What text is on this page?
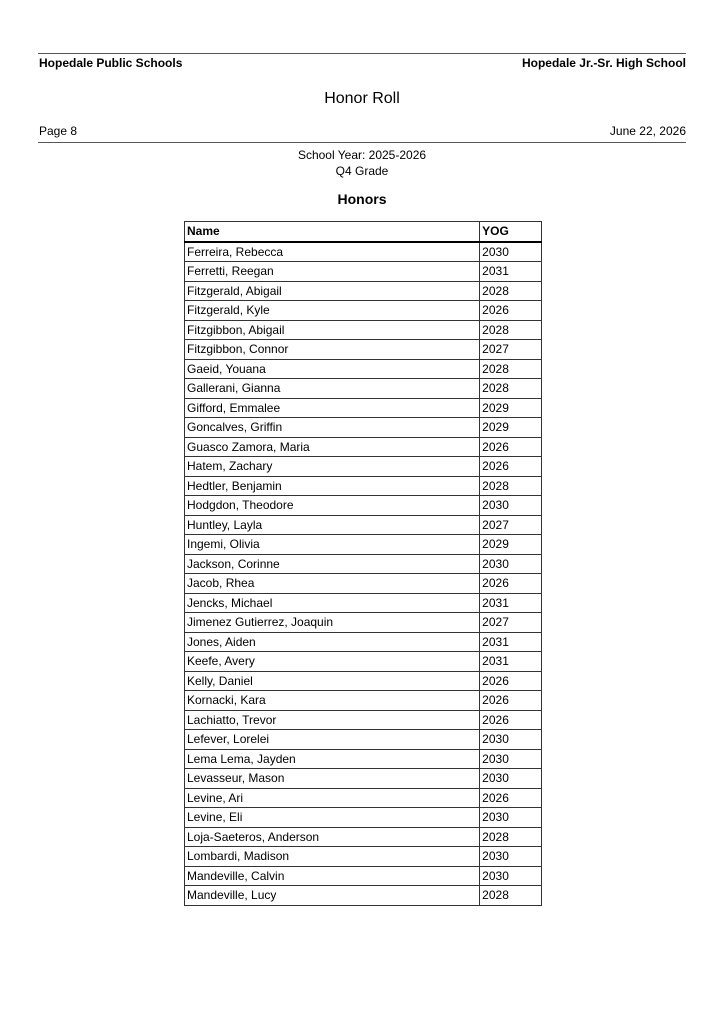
Hopedale Public Schools	Hopedale Jr.-Sr. High School
Honor Roll
Page 8	June 22, 2026
School Year: 2025-2026
Q4 Grade
Honors
Name	YOG
Ferreira, Rebecca	2030
Ferretti, Reegan	2031
Fitzgerald, Abigail	2028
Fitzgerald, Kyle	2026
Fitzgibbon, Abigail	2028
Fitzgibbon, Connor	2027
Gaeid, Youana	2028
Gallerani, Gianna	2028
Gifford, Emmalee	2029
Goncalves, Griffin	2029
Guasco Zamora, Maria	2026
Hatem, Zachary	2026
Hedtler, Benjamin	2028
Hodgdon, Theodore	2030
Huntley, Layla	2027
Ingemi, Olivia	2029
Jackson, Corinne	2030
Jacob, Rhea	2026
Jencks, Michael	2031
Jimenez Gutierrez, Joaquin	2027
Jones, Aiden	2031
Keefe, Avery	2031
Kelly, Daniel	2026
Kornacki, Kara	2026
Lachiatto, Trevor	2026
Lefever, Lorelei	2030
Lema Lema, Jayden	2030
Levasseur, Mason	2030
Levine, Ari	2026
Levine, Eli	2030
Loja-Saeteros, Anderson	2028
Lombardi, Madison	2030
Mandeville, Calvin	2030
Mandeville, Lucy	2028
